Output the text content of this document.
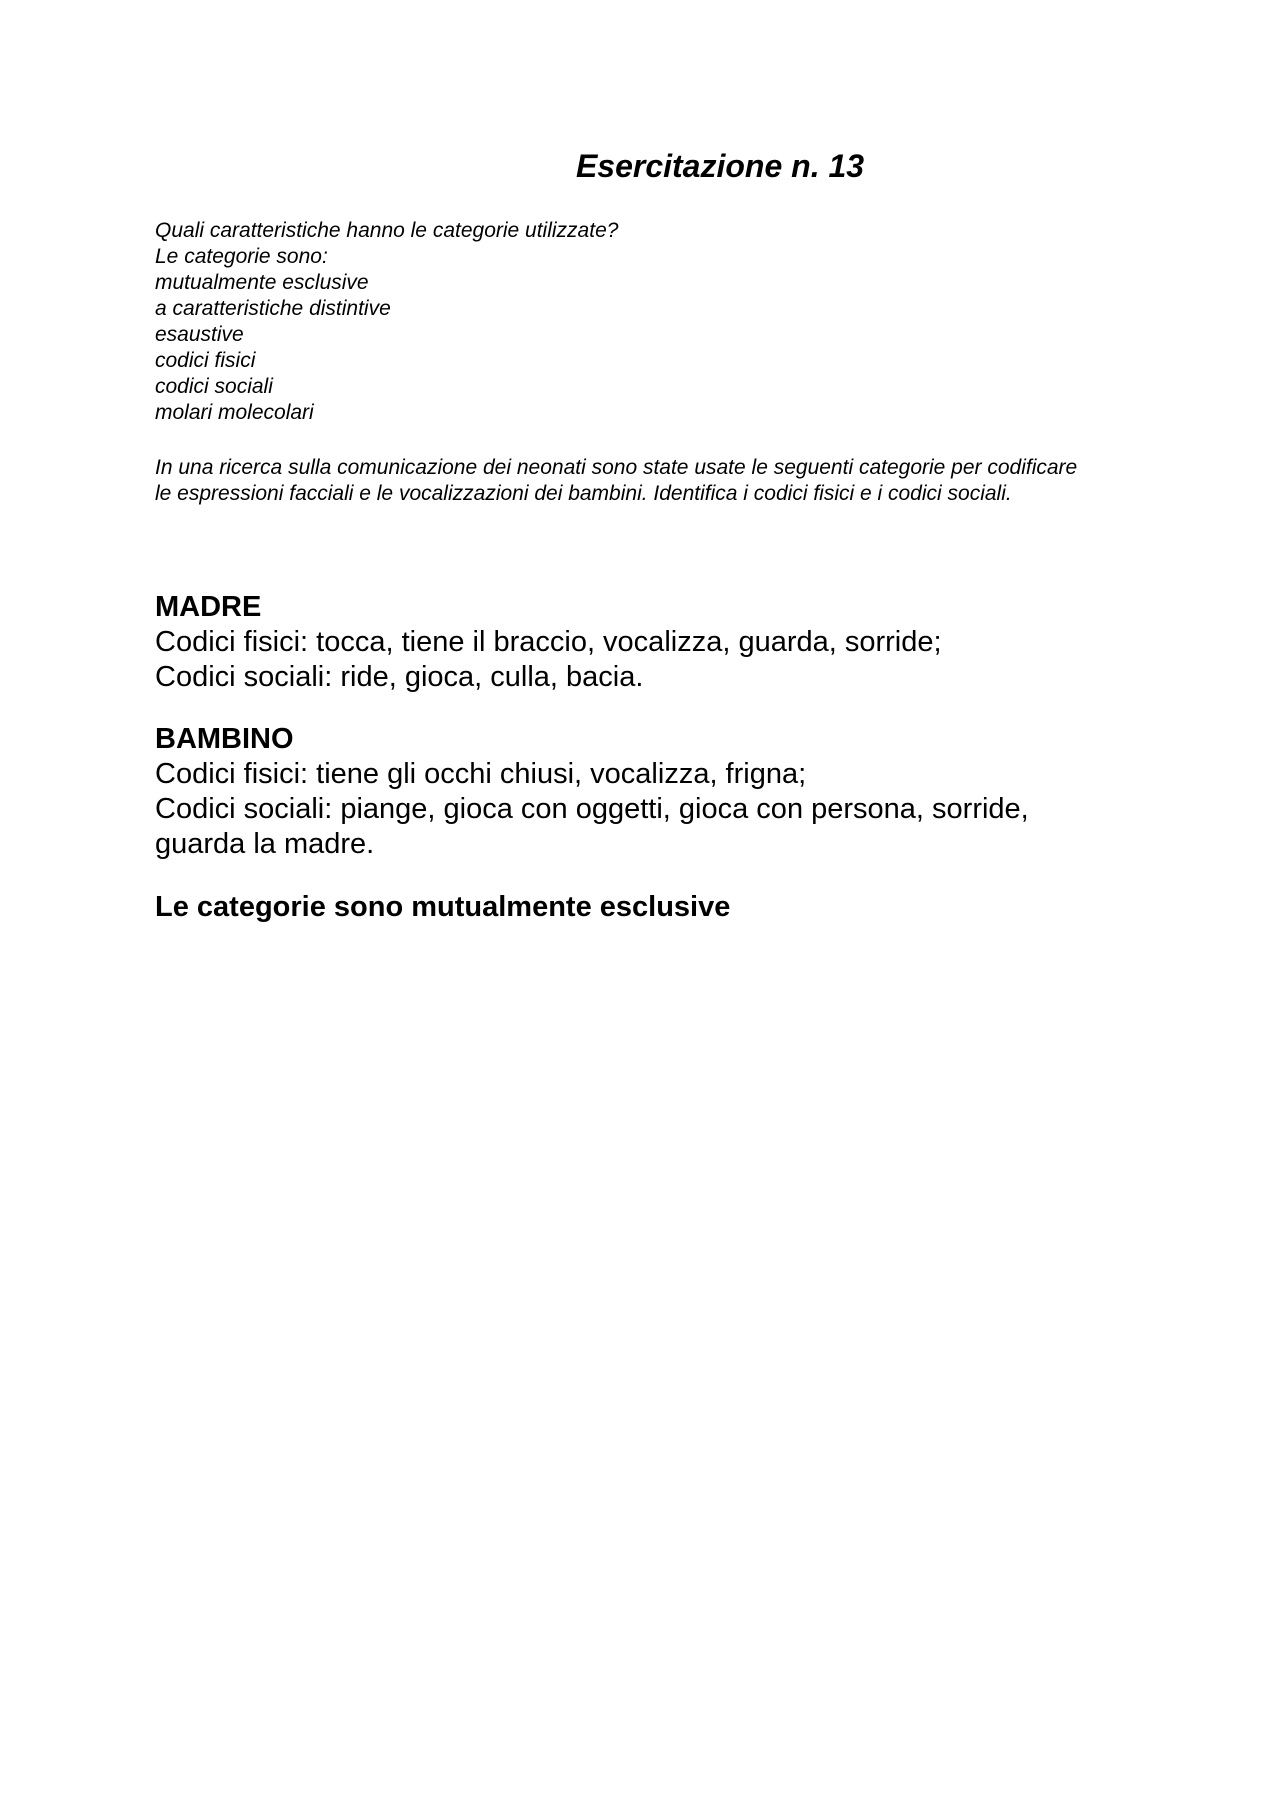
Esercitazione n. 13
Quali caratteristiche hanno le categorie utilizzate?
Le categorie sono:
mutualmente esclusive
a caratteristiche distintive
esaustive
codici fisici
codici sociali
molari molecolari
In una ricerca sulla comunicazione dei neonati sono state usate le seguenti categorie per codificare le espressioni facciali e le vocalizzazioni dei bambini. Identifica i codici fisici e i codici sociali.
MADRE
Codici fisici: tocca, tiene il braccio, vocalizza, guarda, sorride;
Codici sociali: ride, gioca, culla, bacia.
BAMBINO
Codici fisici: tiene gli occhi chiusi, vocalizza, frigna;
Codici sociali: piange, gioca con oggetti, gioca con persona, sorride, guarda la madre.
Le categorie sono mutualmente esclusive
